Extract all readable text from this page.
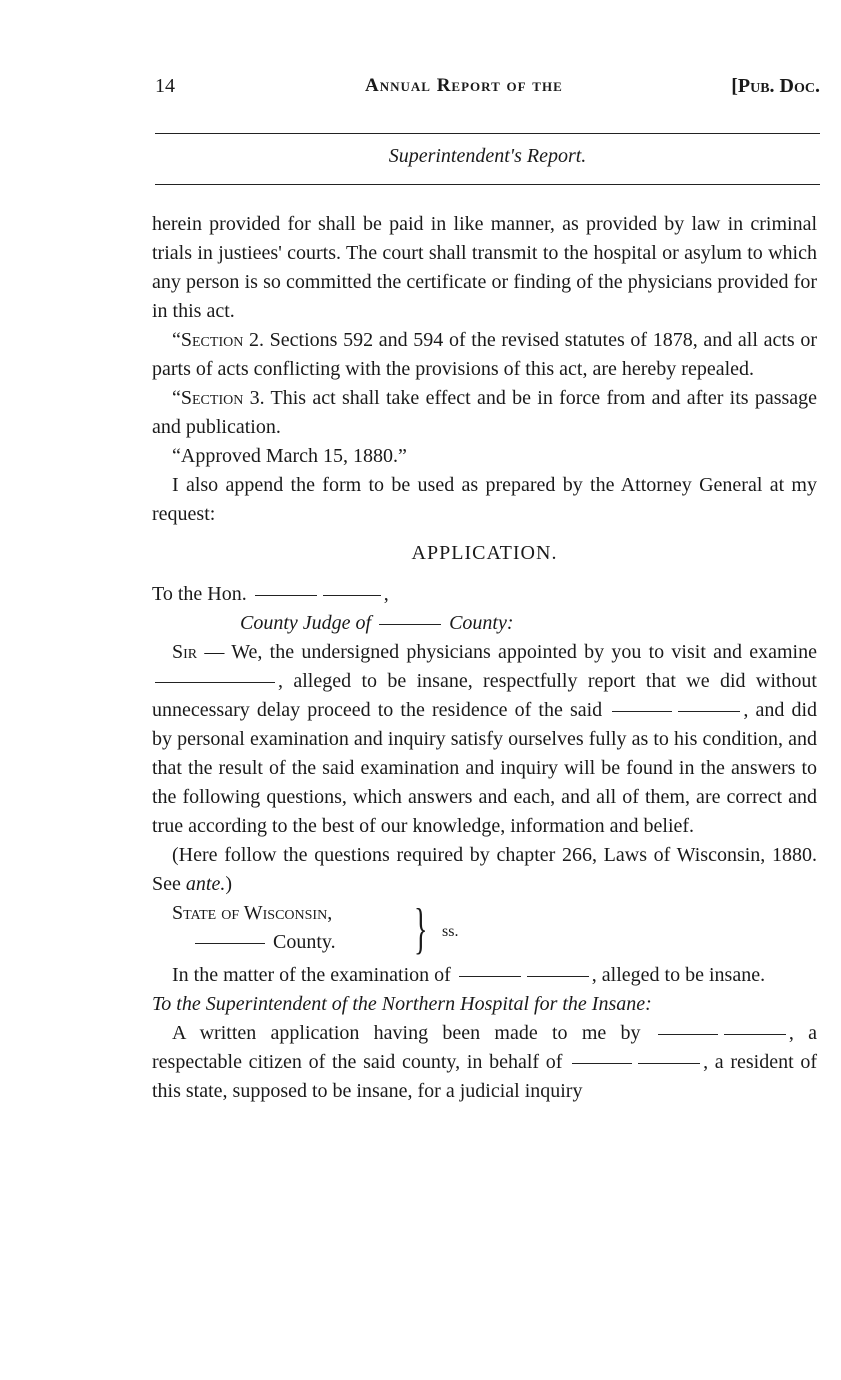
14	Annual Report of the	[Pub. Doc.
Superintendent's Report.

herein provided for shall be paid in like manner, as provided by law in criminal trials in justiees' courts. The court shall transmit to the hospital or asylum to which any person is so committed the certificate or finding of the physicians provided for in this act.

“Section 2. Sections 592 and 594 of the revised statutes of 1878, and all acts or parts of acts conflicting with the provisions of this act, are hereby repealed.

“Section 3. This act shall take effect and be in force from and after its passage and publication.

“Approved March 15, 1880.”

I also append the form to be used as prepared by the Attorney General at my request:

APPLICATION.

To the Hon.	,

County Judge of	County:

Sir — We, the undersigned physicians appointed by you to visit and examine , alleged to be insane, respectfully report that we did without unnecessary delay proceed to the residence of the said	, and did by personal examination and inquiry satisfy ourselves fully as to his condition, and that the result of the said examination and inquiry will be found in the answers to the following questions, which answers and each, and all of them, are correct and true according to the best of our knowledge, information and belief.

(Here follow the questions required by chapter 266, Laws of Wisconsin, 1880. See ante.)

State of Wisconsin,
County. } ss.

In the matter of the examination of	, alleged to be insane.

To the Superintendent of the Northern Hospital for the Insane:

A written application having been made to me by	, a respectable citizen of the said county, in behalf of	, a resident of this state, supposed to be insane, for a judicial inquiry
